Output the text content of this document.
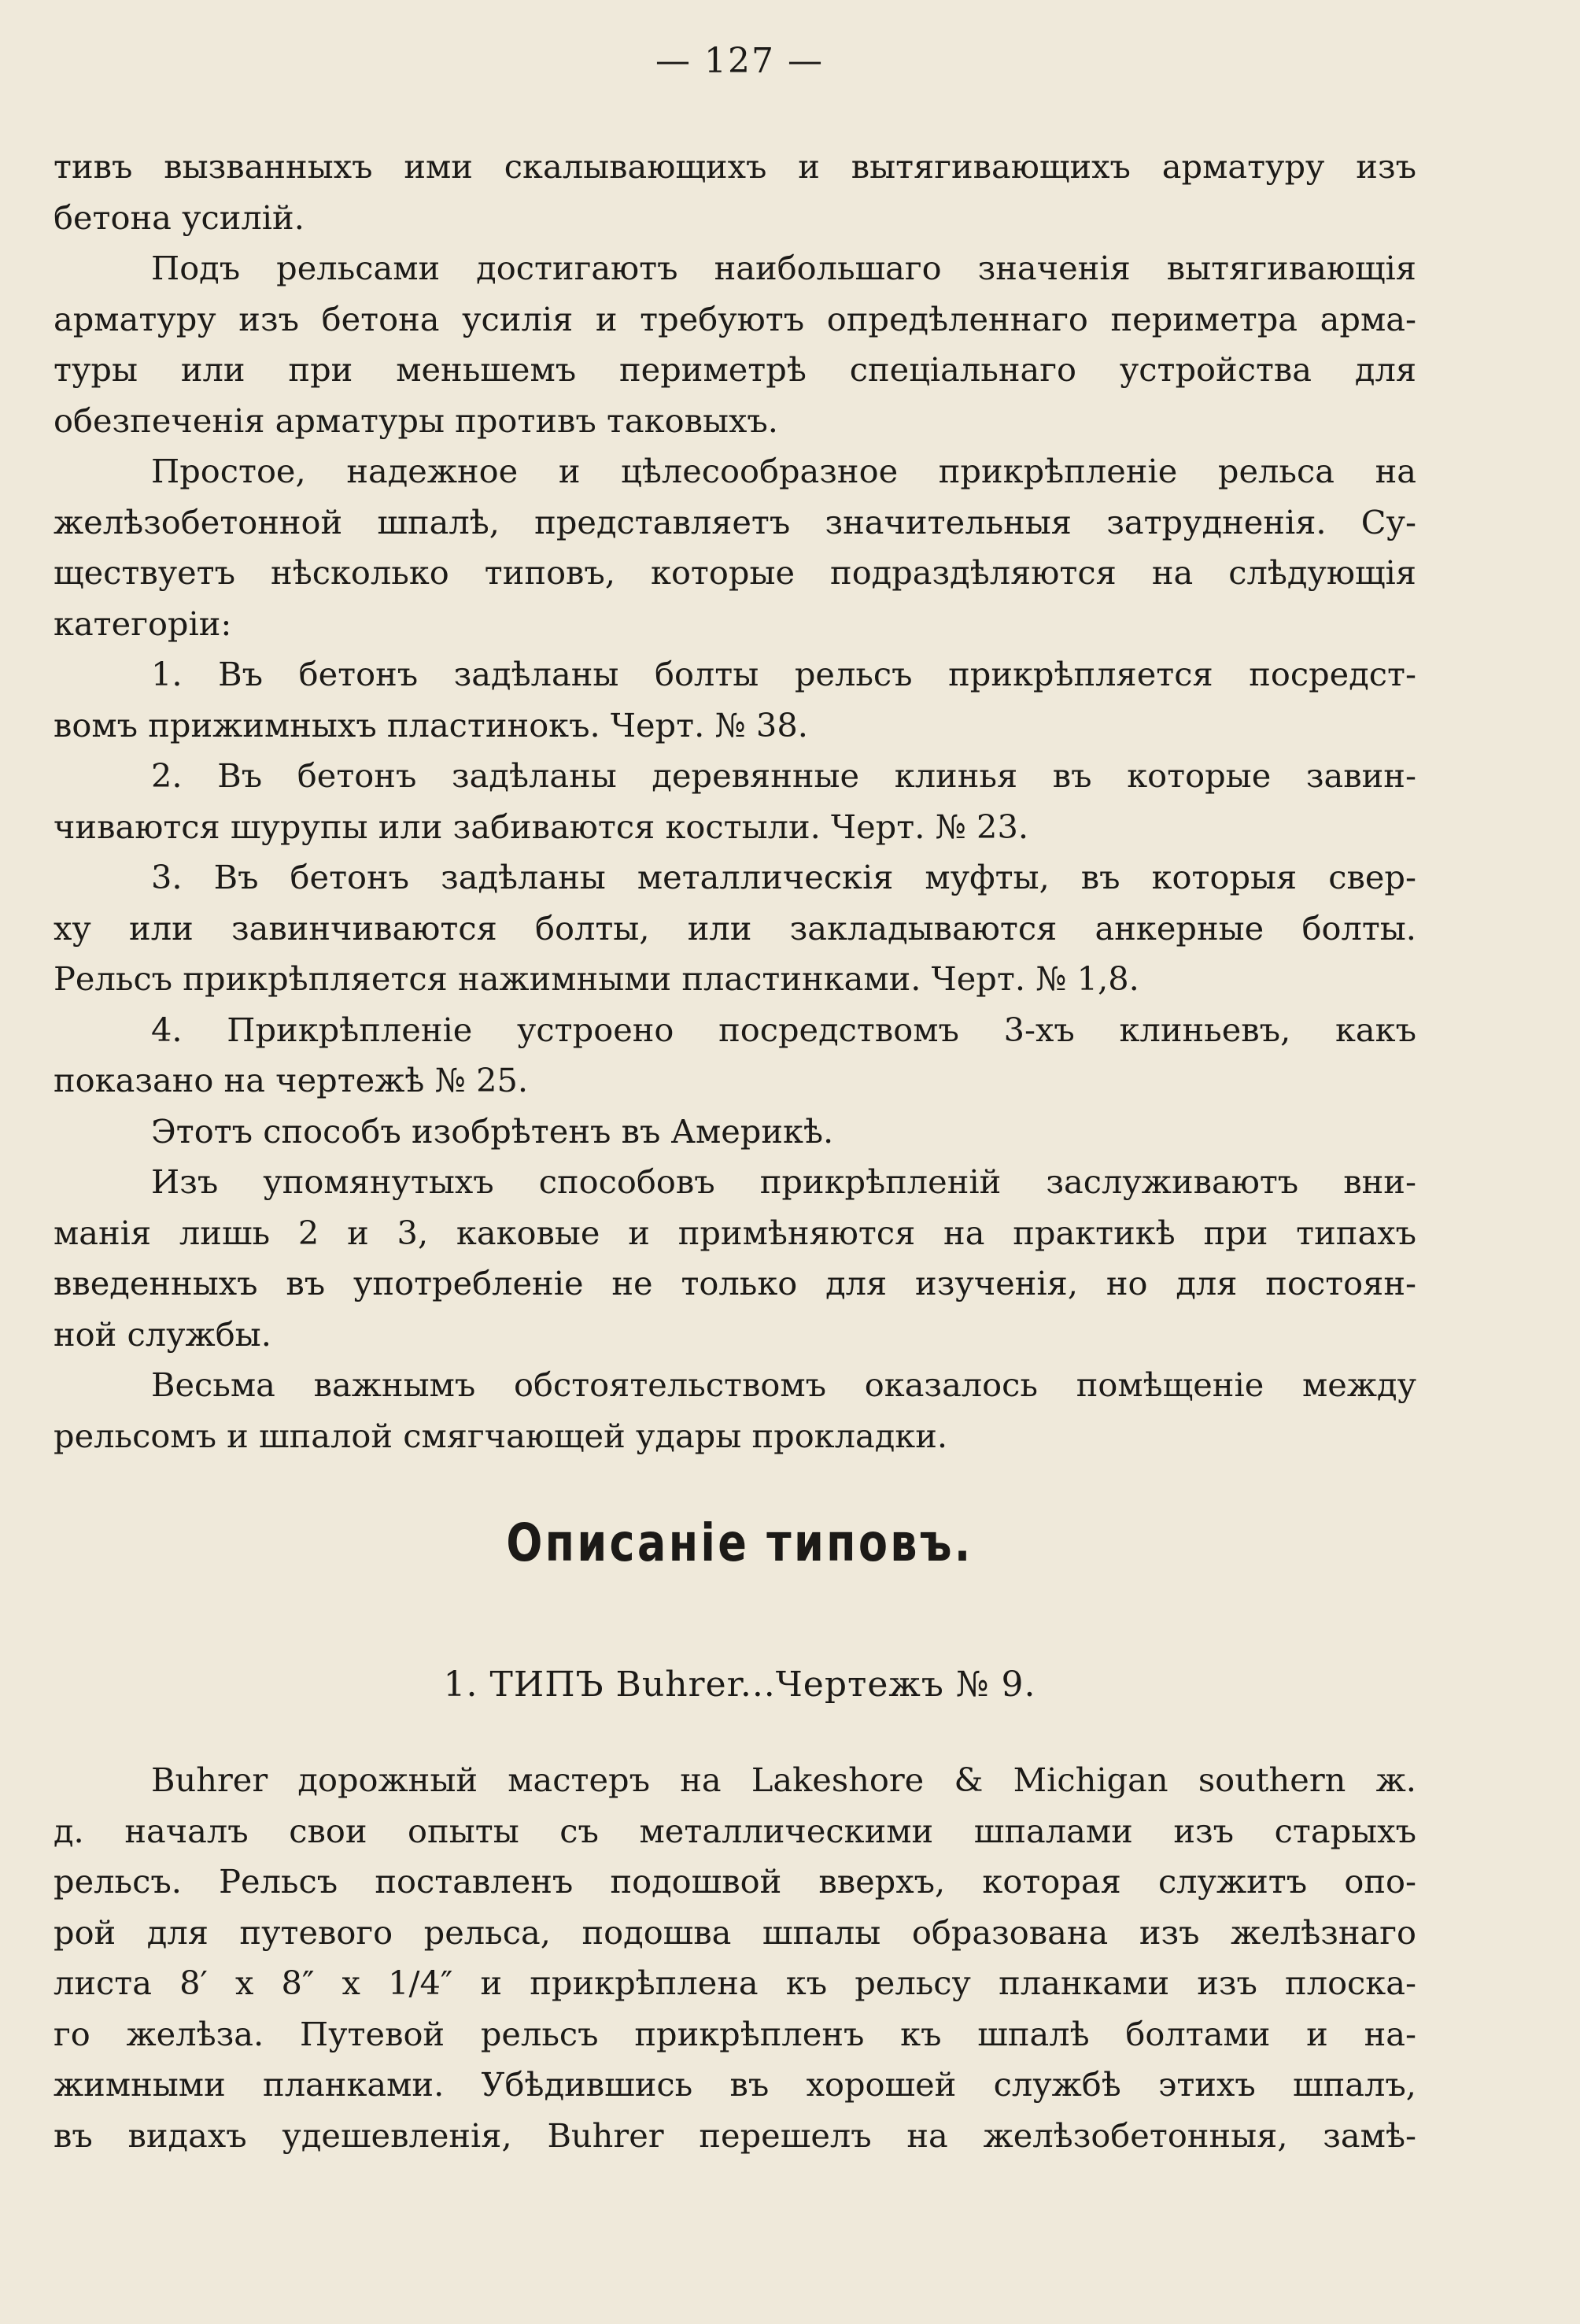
— 127 —
тивъ вызванныхъ ими скалывающихъ и вытягивающихъ арматуру изъ
бетона усилій.
Подъ рельсами достигаютъ наибольшаго значенія вытягивающія
арматуру изъ бетона усилія и требуютъ опредѣленнаго периметра арма-
туры или при меньшемъ периметрѣ спеціальнаго устройства для
обезпеченія арматуры противъ таковыхъ.
Простое, надежное и цѣлесообразное прикрѣпленіе рельса на
желѣзобетонной шпалѣ, представляетъ значительныя затрудненія. Су-
ществуетъ нѣсколько типовъ, которые подраздѣляются на слѣдующія
категоріи:
1. Въ бетонъ задѣланы болты рельсъ прикрѣпляется посредст-
вомъ прижимныхъ пластинокъ. Черт. № 38.
2. Въ бетонъ задѣланы деревянные клинья въ которые завин-
чиваются шурупы или забиваются костыли. Черт. № 23.
3. Въ бетонъ задѣланы металлическія муфты, въ которыя свер-
ху или завинчиваются болты, или закладываются анкерные болты.
Рельсъ прикрѣпляется нажимными пластинками. Черт. № 1,8.
4. Прикрѣпленіе устроено посредствомъ 3-хъ клиньевъ, какъ
показано на чертежѣ № 25.
Этотъ способъ изобрѣтенъ въ Америкѣ.
Изъ упомянутыхъ способовъ прикрѣпленій заслуживаютъ вни-
манія лишь 2 и 3, каковые и примѣняются на практикѣ при типахъ
введенныхъ въ употребленіе не только для изученія, но для постоян-
ной службы.
Весьма важнымъ обстоятельствомъ оказалось помѣщеніе между
рельсомъ и шпалой смягчающей удары прокладки.
Описаніе типовъ.
1. ТИПЪ Buhrer...Чертежъ № 9.
Buhrer дорожный мастеръ на Lakeshore & Michigan southern ж.
д. началъ свои опыты съ металлическими шпалами изъ старыхъ
рельсъ. Рельсъ поставленъ подошвой вверхъ, которая служитъ опо-
рой для путевого рельса, подошва шпалы образована изъ желѣзнаго
листа 8′ х 8″ х 1/4″ и прикрѣплена къ рельсу планками изъ плоска-
го желѣза. Путевой рельсъ прикрѣпленъ къ шпалѣ болтами и на-
жимными планками. Убѣдившись въ хорошей службѣ этихъ шпалъ,
въ видахъ удешевленія, Buhrer перешелъ на желѣзобетонныя, замѣ-
